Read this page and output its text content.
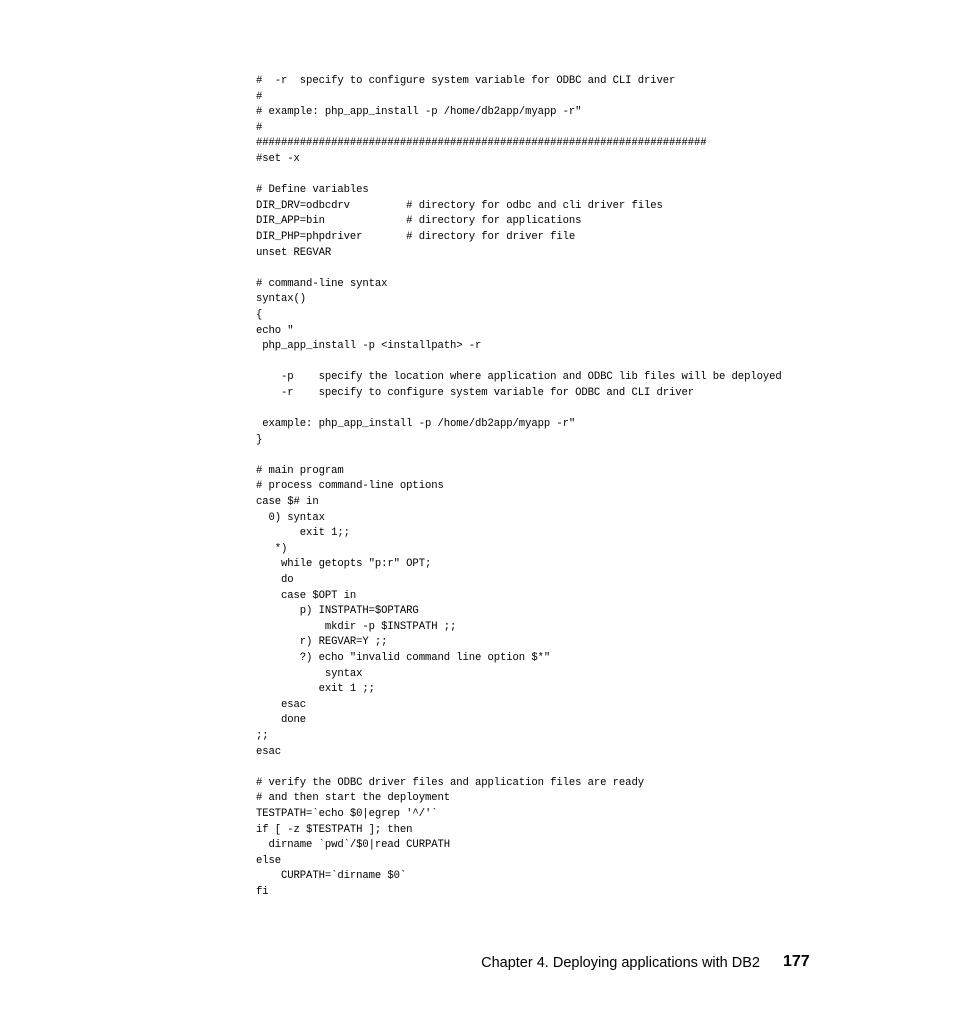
#  -r  specify to configure system variable for ODBC and CLI driver
#
# example: php_app_install -p /home/db2app/myapp -r"
#
########################################################################
#set -x
# Define variables
DIR_DRV=odbcdrv         # directory for odbc and cli driver files
DIR_APP=bin             # directory for applications
DIR_PHP=phpdriver       # directory for driver file
unset REGVAR
# command-line syntax
syntax()
{
echo "
php_app_install -p <installpath> -r
-p    specify the location where application and ODBC lib files will be deployed
-r    specify to configure system variable for ODBC and CLI driver
example: php_app_install -p /home/db2app/myapp -r"
}
# main program
# process command-line options
case $# in
0) syntax
exit 1;;
*)
while getopts "p:r" OPT;
do
case $OPT in
p) INSTPATH=$OPTARG
mkdir -p $INSTPATH ;;
r) REGVAR=Y ;;
?) echo "invalid command line option $*"
syntax
exit 1 ;;
esac
done
;;
esac
# verify the ODBC driver files and application files are ready
# and then start the deployment
TESTPATH=`echo $0|egrep '^/'`
if [ -z $TESTPATH ]; then
dirname `pwd`/$0|read CURPATH
else
CURPATH=`dirname $0`
fi
Chapter 4. Deploying applications with DB2 177
